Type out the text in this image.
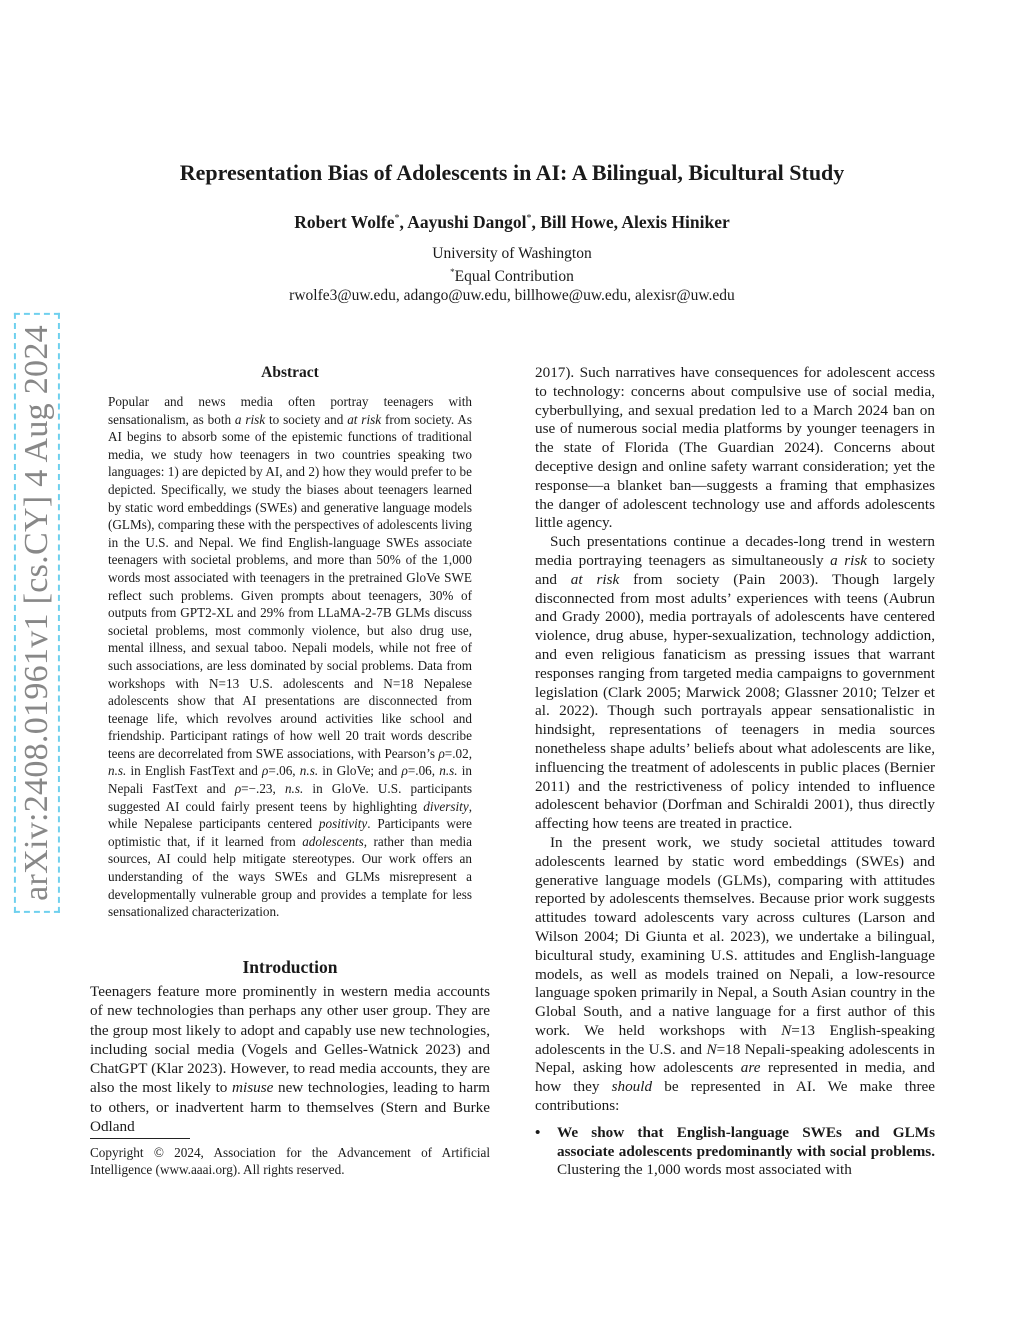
arXiv:2408.01961v1 [cs.CY] 4 Aug 2024
Representation Bias of Adolescents in AI: A Bilingual, Bicultural Study
Robert Wolfe*, Aayushi Dangol*, Bill Howe, Alexis Hiniker
University of Washington
*Equal Contribution
rwolfe3@uw.edu, adango@uw.edu, billhowe@uw.edu, alexisr@uw.edu
Abstract
Popular and news media often portray teenagers with sensationalism, as both a risk to society and at risk from society. As AI begins to absorb some of the epistemic functions of traditional media, we study how teenagers in two countries speaking two languages: 1) are depicted by AI, and 2) how they would prefer to be depicted. Specifically, we study the biases about teenagers learned by static word embeddings (SWEs) and generative language models (GLMs), comparing these with the perspectives of adolescents living in the U.S. and Nepal. We find English-language SWEs associate teenagers with societal problems, and more than 50% of the 1,000 words most associated with teenagers in the pretrained GloVe SWE reflect such problems. Given prompts about teenagers, 30% of outputs from GPT2-XL and 29% from LLaMA-2-7B GLMs discuss societal problems, most commonly violence, but also drug use, mental illness, and sexual taboo. Nepali models, while not free of such associations, are less dominated by social problems. Data from workshops with N=13 U.S. adolescents and N=18 Nepalese adolescents show that AI presentations are disconnected from teenage life, which revolves around activities like school and friendship. Participant ratings of how well 20 trait words describe teens are decorrelated from SWE associations, with Pearson’s ρ=.02, n.s. in English FastText and ρ=.06, n.s. in GloVe; and ρ=.06, n.s. in Nepali FastText and ρ=−.23, n.s. in GloVe. U.S. participants suggested AI could fairly present teens by highlighting diversity, while Nepalese participants centered positivity. Participants were optimistic that, if it learned from adolescents, rather than media sources, AI could help mitigate stereotypes. Our work offers an understanding of the ways SWEs and GLMs misrepresent a developmentally vulnerable group and provides a template for less sensationalized characterization.
Introduction
Teenagers feature more prominently in western media accounts of new technologies than perhaps any other user group. They are the group most likely to adopt and capably use new technologies, including social media (Vogels and Gelles-Watnick 2023) and ChatGPT (Klar 2023). However, to read media accounts, they are also the most likely to misuse new technologies, leading to harm to others, or inadvertent harm to themselves (Stern and Burke Odland
Copyright © 2024, Association for the Advancement of Artificial Intelligence (www.aaai.org). All rights reserved.

2017). Such narratives have consequences for adolescent access to technology: concerns about compulsive use of social media, cyberbullying, and sexual predation led to a March 2024 ban on use of numerous social media platforms by younger teenagers in the state of Florida (The Guardian 2024). Concerns about deceptive design and online safety warrant consideration; yet the response—a blanket ban—suggests a framing that emphasizes the danger of adolescent technology use and affords adolescents little agency.

Such presentations continue a decades-long trend in western media portraying teenagers as simultaneously a risk to society and at risk from society (Pain 2003). Though largely disconnected from most adults’ experiences with teens (Aubrun and Grady 2000), media portrayals of adolescents have centered violence, drug abuse, hyper-sexualization, technology addiction, and even religious fanaticism as pressing issues that warrant responses ranging from targeted media campaigns to government legislation (Clark 2005; Marwick 2008; Glassner 2010; Telzer et al. 2022). Though such portrayals appear sensationalistic in hindsight, representations of teenagers in media sources nonetheless shape adults’ beliefs about what adolescents are like, influencing the treatment of adolescents in public places (Bernier 2011) and the restrictiveness of policy intended to influence adolescent behavior (Dorfman and Schiraldi 2001), thus directly affecting how teens are treated in practice.

In the present work, we study societal attitudes toward adolescents learned by static word embeddings (SWEs) and generative language models (GLMs), comparing with attitudes reported by adolescents themselves. Because prior work suggests attitudes toward adolescents vary across cultures (Larson and Wilson 2004; Di Giunta et al. 2023), we undertake a bilingual, bicultural study, examining U.S. attitudes and English-language models, as well as models trained on Nepali, a low-resource language spoken primarily in Nepal, a South Asian country in the Global South, and a native language for a first author of this work. We held workshops with N=13 English-speaking adolescents in the U.S. and N=18 Nepali-speaking adolescents in Nepal, asking how adolescents are represented in media, and how they should be represented in AI. We make three contributions:

•	We show that English-language SWEs and GLMs associate adolescents predominantly with social problems. Clustering the 1,000 words most associated with
